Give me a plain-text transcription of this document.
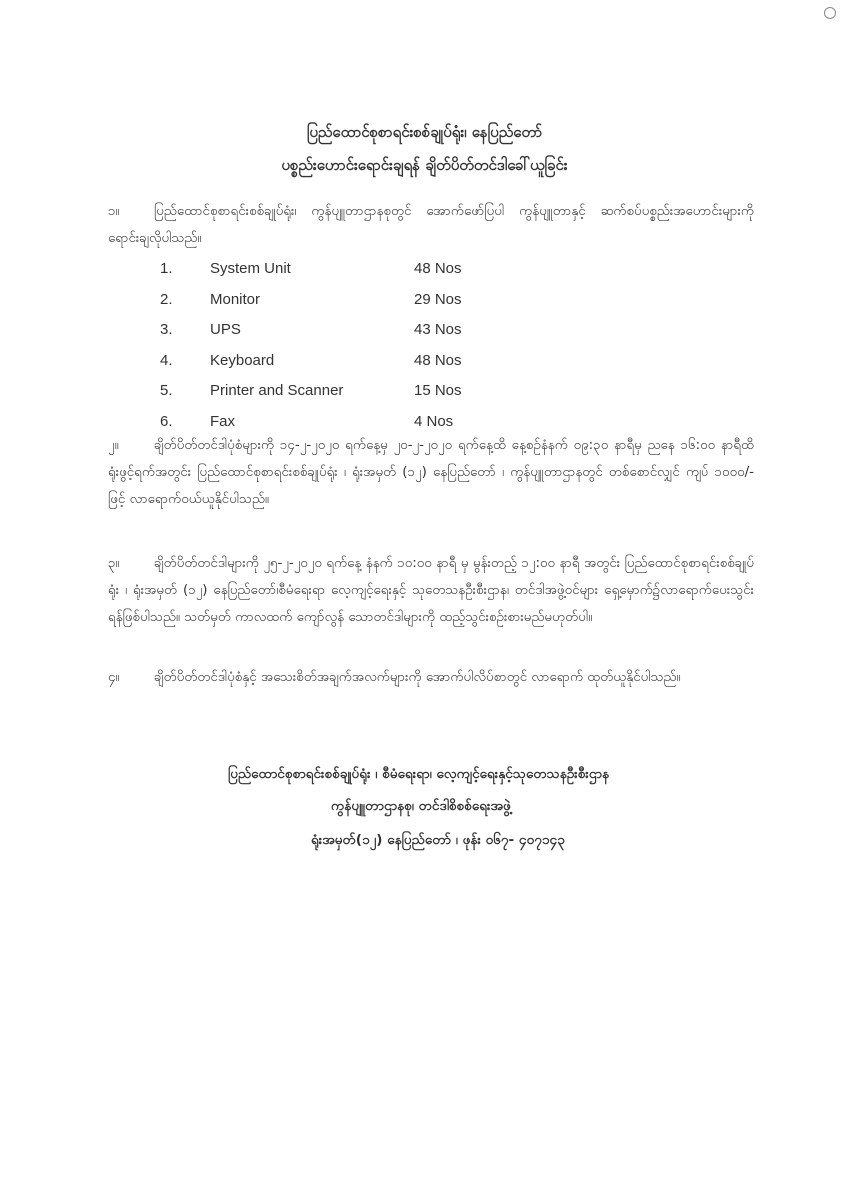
ပြည်ထောင်စုစာရင်းစစ်ချုပ်ရုံး၊ နေပြည်တော်
ပစ္စည်းဟောင်းရောင်းချရန် ချိတ်ပိတ်တင်ဒါခေါ်ယူခြင်း
၁။	ပြည်ထောင်စုစာရင်းစစ်ချုပ်ရုံး၊ ကွန်ပျူတာဌာနစုတွင် အောက်ဖော်ပြပါ ကွန်ပျူတာနှင့် ဆက်စပ်ပစ္စည်းအဟောင်းများကို ရောင်းချလိုပါသည်။
1. System Unit	48 Nos
2. Monitor	29 Nos
3. UPS	43 Nos
4. Keyboard	48 Nos
5. Printer and Scanner	15 Nos
6. Fax	4 Nos
၂။	ချိတ်ပိတ်တင်ဒါပုံစံများကို ၁၄-၂-၂၀၂၀ ရက်နေ့မှ ၂၀-၂-၂၀၂၀ ရက်နေ့ထိ နေ့စဉ်နံနက် ၀၉:၃၀ နာရီမှ ညနေ ၁၆:၀၀ နာရီထိ ရုံးဖွင့်ရက်အတွင်း ပြည်ထောင်စုစာရင်းစစ်ချုပ်ရုံး ၊ ရုံးအမှတ် (၁၂) နေပြည်တော် ၊ ကွန်ပျူတာဌာနတွင် တစ်စောင်လျှင် ကျပ် ၁၀၀၀/- ဖြင့် လာရောက်ဝယ်ယူနိုင်ပါသည်။
၃။	ချိတ်ပိတ်တင်ဒါများကို ၂၅-၂-၂၀၂၀ ရက်နေ့ နံနက် ၁၀:၀၀ နာရီ မှ မွန်းတည့် ၁၂:၀၀ နာရီ အတွင်း ပြည်ထောင်စုစာရင်းစစ်ချုပ်ရုံး ၊ ရုံးအမှတ် (၁၂) နေပြည်တော်၊စီမံရေးရာ လေ့ကျင့်ရေးနှင့် သုတေသနဦးစီးဌာန၊ တင်ဒါအဖွဲ့ဝင်များ ရှေ့မှောက်၌လာရောက်ပေးသွင်းရန်ဖြစ်ပါသည်။ သတ်မှတ် ကာလထက် ကျော်လွန် သောတင်ဒါများကို ထည့်သွင်းစဉ်းစားမည်မဟုတ်ပါ။
၄။	ချိတ်ပိတ်တင်ဒါပုံစံနှင့် အသေးစိတ်အချက်အလက်များကို အောက်ပါလိပ်စာတွင် လာရောက် ထုတ်ယူနိုင်ပါသည်။
ပြည်ထောင်စုစာရင်းစစ်ချုပ်ရုံး ၊ စီမံရေးရာ၊ လေ့ကျင့်ရေးနှင့်သုတေသနဦးစီးဌာန
ကွန်ပျူတာဌာနစု၊ တင်ဒါစိစစ်ရေးအဖွဲ့
ရုံးအမှတ်(၁၂) နေပြည်တော် ၊ ဖုန်း ၀၆၇- ၄၀၇၁၄၃
